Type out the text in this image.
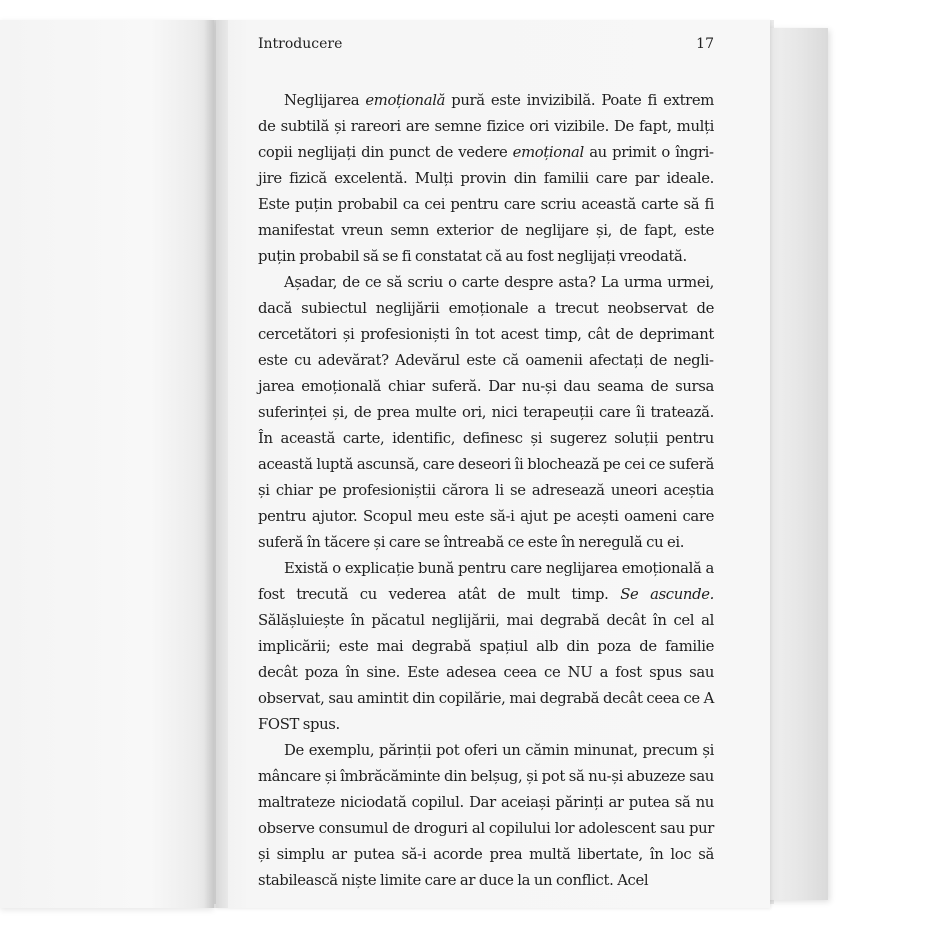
Introducere	17

Neglijarea emoțională pură este invizibilă. Poate fi extrem de subtilă și rareori are semne fizice ori vizibile. De fapt, mulți copii neglijați din punct de vedere emoțional au primit o îngrijire fizică excelentă. Mulți provin din familii care par ideale. Este puțin probabil ca cei pentru care scriu această carte să fi manifestat vreun semn exterior de neglijare și, de fapt, este puțin probabil să se fi constatat că au fost neglijați vreodată.

Așadar, de ce să scriu o carte despre asta? La urma urmei, dacă subiectul neglijării emoționale a trecut neobservat de cercetători și profesioniști în tot acest timp, cât de deprimant este cu adevărat? Adevărul este că oamenii afectați de neglijarea emoțională chiar suferă. Dar nu-și dau seama de sursa suferinței și, de prea multe ori, nici terapeuții care îi tratează. În această carte, identific, definesc și sugerez soluții pentru această luptă ascunsă, care deseori îi blochează pe cei ce suferă și chiar pe profesioniștii cărora li se adresează uneori aceștia pentru ajutor. Scopul meu este să-i ajut pe acești oameni care suferă în tăcere și care se întreabă ce este în neregulă cu ei.

Există o explicație bună pentru care neglijarea emoțională a fost trecută cu vederea atât de mult timp. Se ascunde. Sălășluiește în păcatul neglijării, mai degrabă decât în cel al implicării; este mai degrabă spațiul alb din poza de familie decât poza în sine. Este adesea ceea ce NU a fost spus sau observat, sau amintit din copilărie, mai degrabă decât ceea ce A FOST spus.

De exemplu, părinții pot oferi un cămin minunat, precum și mâncare și îmbrăcăminte din belșug, și pot să nu-și abuzeze sau maltrateze niciodată copilul. Dar aceiași părinți ar putea să nu observe consumul de droguri al copilului lor adolescent sau pur și simplu ar putea să-i acorde prea multă libertate, în loc să stabilească niște limite care ar duce la un conflict. Acel
